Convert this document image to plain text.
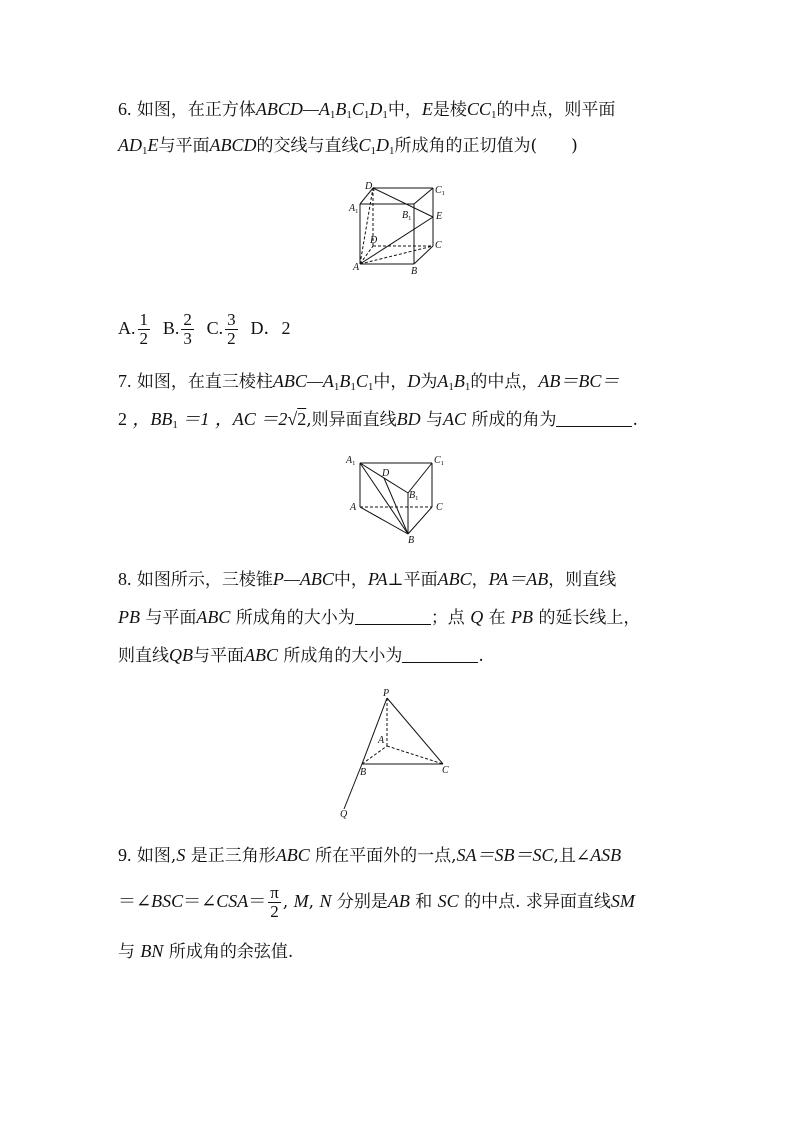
6. 如图，在正方体$ABCD—A_1B_1C_1D_1$中，E是棱$CC_1$的中点，则平面
$AD_1E$与平面ABCD的交线与直线$C_1D_1$所成角的正切值为(　　)
$D_1$	$C_1$
$A_1$	$B_1$ E
D	C
A	B
A. $\frac{1}{2} B$. $\frac{2}{3} C$. $\frac{3}{2}$ D．2
7. 如图，在直三棱柱$ABC—A_1B_1C_1$中，D为$A_1B_1$的中点，AB＝BC＝
2 ，$BB_1 =1$ ，AC ＝2√2,则异面直线BD 与AC 所成的角为	.
$A_1$	$C_1$
D
$B_1$
A	C
B
8. 如图所示，三棱锥P—ABC中，PA⊥平面ABC，PA＝AB，则直线
PB 与平面ABC 所成角的大小为	；点 Q 在 PB 的延长线上，
则直线QB与平面ABC 所成角的大小为	.
P
A
B	C
Q
9. 如图,S 是正三角形ABC 所在平面外的一点,SA＝SB＝SC,且∠ASB
＝∠BSC＝∠CSA＝ $\frac{\pi}{2}$ , M, N 分别是AB 和 SC 的中点. 求异面直线SM
与 BN 所成角的余弦值.
